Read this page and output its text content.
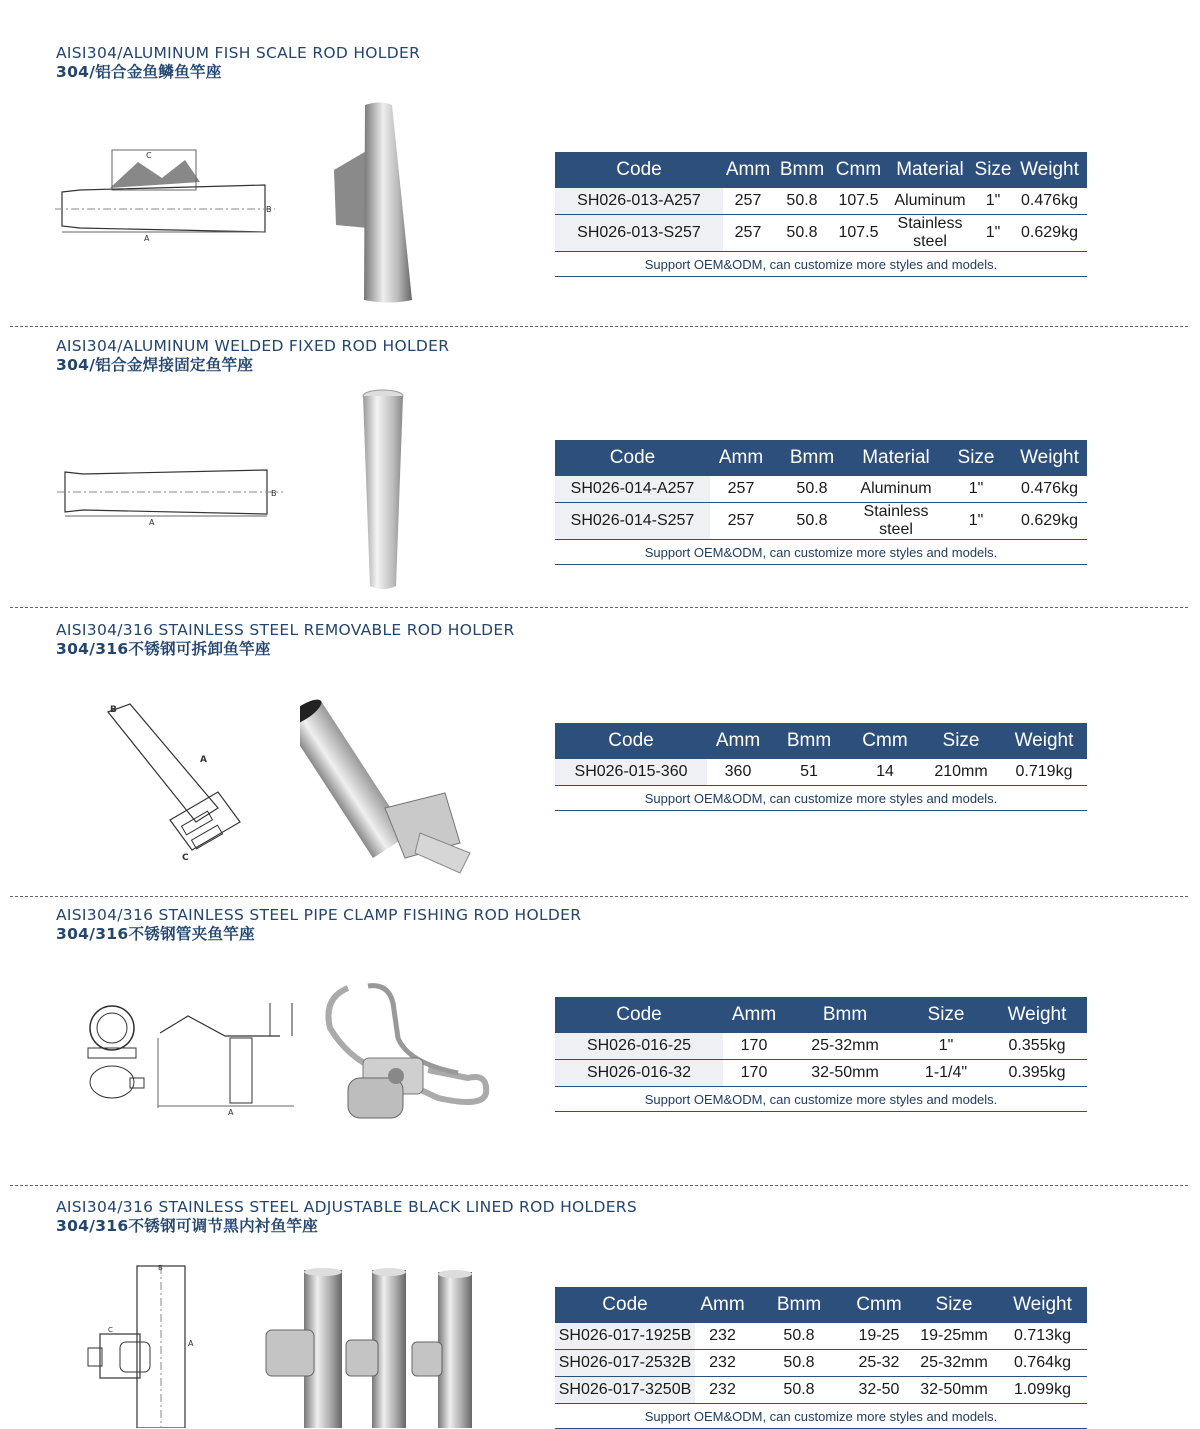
AISI304/ALUMINUM FISH SCALE ROD HOLDER
304/铝合金鱼鳞鱼竿座
C
B
A
Code	Amm	Bmm	Cmm	Material	Size	Weight
SH026-013-A257	257	50.8	107.5	Aluminum	1"	0.476kg
SH026-013-S257	257	50.8	107.5	Stainless steel	1"	0.629kg
Support OEM&ODM, can customize more styles and models.						
AISI304/ALUMINUM WELDED FIXED ROD HOLDER
304/铝合金焊接固定鱼竿座
B
A
Code	Amm	Bmm	Material	Size	Weight
SH026-014-A257	257	50.8	Aluminum	1"	0.476kg
SH026-014-S257	257	50.8	Stainless steel	1"	0.629kg
Support OEM&ODM, can customize more styles and models.					
AISI304/316 STAINLESS STEEL REMOVABLE ROD HOLDER
304/316不锈钢可拆卸鱼竿座
B
A
C
Code	Amm	Bmm	Cmm	Size	Weight
SH026-015-360	360	51	14	210mm	0.719kg
Support OEM&ODM, can customize more styles and models.					
AISI304/316 STAINLESS STEEL PIPE CLAMP FISHING ROD HOLDER
304/316不锈钢管夹鱼竿座
A
Code	Amm	Bmm	Size	Weight
SH026-016-25	170	25-32mm	1"	0.355kg
SH026-016-32	170	32-50mm	1-1/4"	0.395kg
Support OEM&ODM, can customize more styles and models.				
AISI304/316 STAINLESS STEEL ADJUSTABLE BLACK LINED ROD HOLDERS
304/316不锈钢可调节黑内衬鱼竿座
A
B
C
Code	Amm	Bmm	Cmm	Size	Weight
SH026-017-1925B	232	50.8	19-25	19-25mm	0.713kg
SH026-017-2532B	232	50.8	25-32	25-32mm	0.764kg
SH026-017-3250B	232	50.8	32-50	32-50mm	1.099kg
Support OEM&ODM, can customize more styles and models.					
